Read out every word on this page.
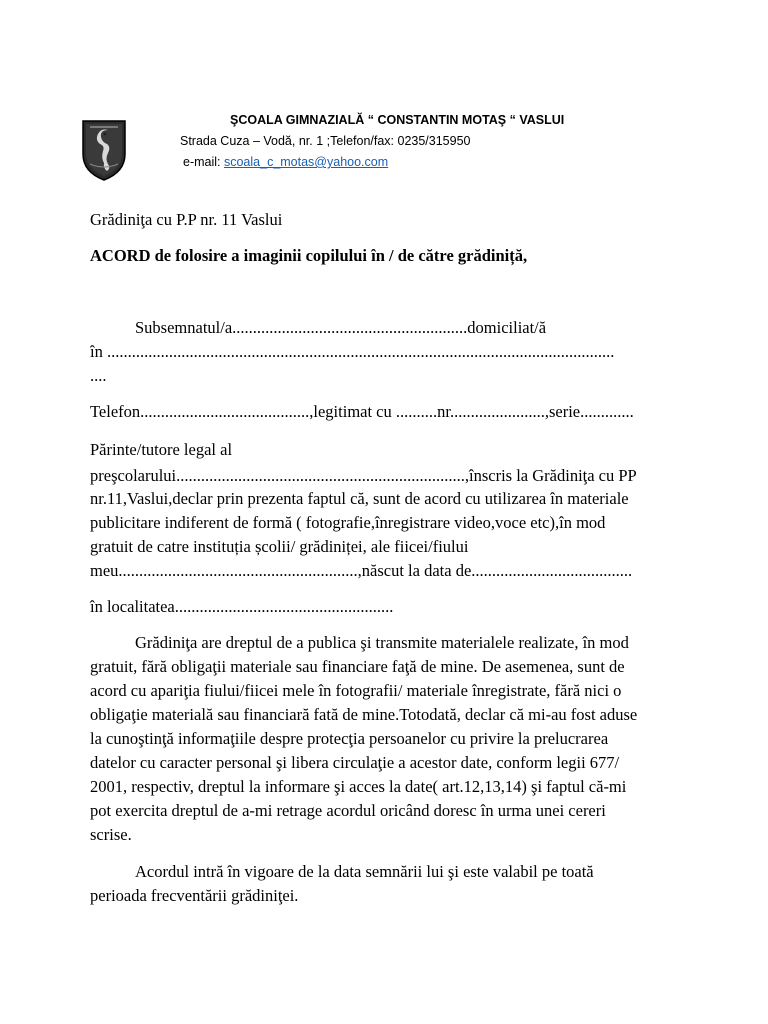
ŞCOALA GIMNAZIALĂ “ CONSTANTIN MOTAŞ “ VASLUI
Strada Cuza – Vodă, nr. 1 ;Telefon/fax: 0235/315950
e-mail: scoala_c_motas@yahoo.com
Grădiniţa cu P.P nr. 11 Vaslui
ACORD de folosire a imaginii copilului în / de către grădiniță,
Subsemnatul/a.........................................................domiciliat/ă
în ...........................................................................................................................
....
Telefon.........................................,legitimat cu ..........nr.......................,serie.............
Părinte/tutore legal al
preşcolarului......................................................................,înscris la Grădiniţa cu PP
nr.11,Vaslui,declar prin prezenta faptul că, sunt de acord cu utilizarea în materiale
publicitare indiferent de formă ( fotografie,înregistrare video,voce etc),în mod
gratuit de catre instituția școlii/ grădiniței, ale fiicei/fiului
meu..........................................................,născut la data de.......................................
în localitatea.....................................................
Grădiniţa are dreptul de a publica şi transmite materialele realizate, în mod
gratuit, fără obligaţii materiale sau financiare faţă de mine. De asemenea, sunt de
acord cu apariţia fiului/fiicei mele în fotografii/ materiale înregistrate, fără nici o
obligaţie materială sau financiară fată de mine.Totodată, declar că mi-au fost aduse
la cunoştinţă informaţiile despre protecţia persoanelor cu privire la prelucrarea
datelor cu caracter personal şi libera circulaţie a acestor date, conform legii 677/
2001, respectiv, dreptul la informare şi acces la date( art.12,13,14) şi faptul că-mi
pot exercita dreptul de a-mi retrage acordul oricând doresc în urma unei cereri
scrise.
Acordul intră în vigoare de la data semnării lui şi este valabil pe toată
perioada frecventării grădiniţei.
